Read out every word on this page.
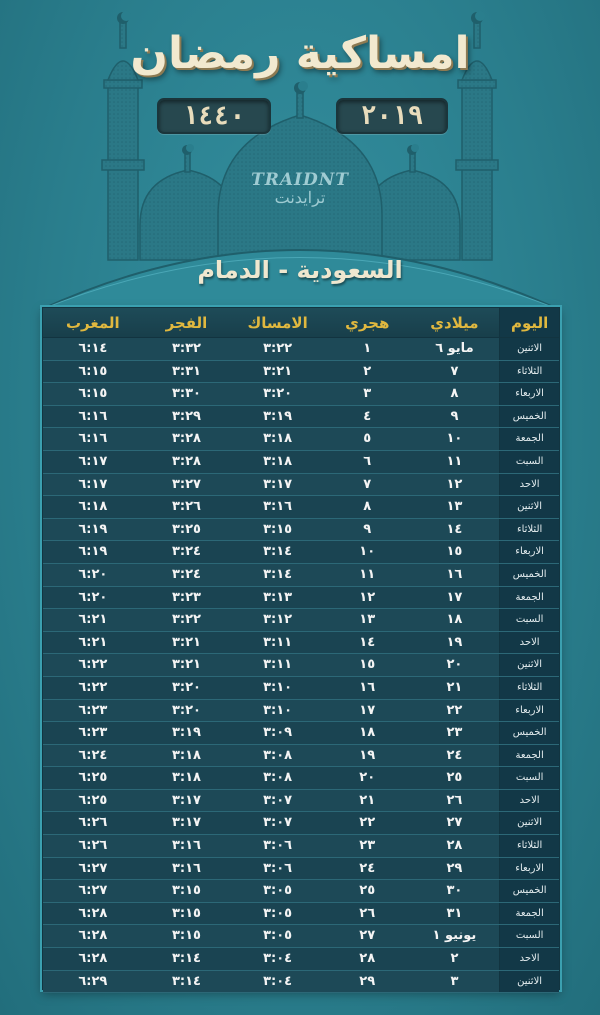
امساكية رمضان
١٤٤٠	٢٠١٩
TRAIDNT
ترايدنت
السعودية - الدمام
اليوم
ميلادي
هجري
الامساك
الفجر
المغرب
الاثنين
مايو ٦
١
٣:٢٢
٣:٣٢
٦:١٤
الثلاثاء
٧
٢
٣:٢١
٣:٣١
٦:١٥
الاربعاء
٨
٣
٣:٢٠
٣:٣٠
٦:١٥
الخميس
٩
٤
٣:١٩
٣:٢٩
٦:١٦
الجمعة
١٠
٥
٣:١٨
٣:٢٨
٦:١٦
السبت
١١
٦
٣:١٨
٣:٢٨
٦:١٧
الاحد
١٢
٧
٣:١٧
٣:٢٧
٦:١٧
الاثنين
١٣
٨
٣:١٦
٣:٢٦
٦:١٨
الثلاثاء
١٤
٩
٣:١٥
٣:٢٥
٦:١٩
الاربعاء
١٥
١٠
٣:١٤
٣:٢٤
٦:١٩
الخميس
١٦
١١
٣:١٤
٣:٢٤
٦:٢٠
الجمعة
١٧
١٢
٣:١٣
٣:٢٣
٦:٢٠
السبت
١٨
١٣
٣:١٢
٣:٢٢
٦:٢١
الاحد
١٩
١٤
٣:١١
٣:٢١
٦:٢١
الاثنين
٢٠
١٥
٣:١١
٣:٢١
٦:٢٢
الثلاثاء
٢١
١٦
٣:١٠
٣:٢٠
٦:٢٢
الاربعاء
٢٢
١٧
٣:١٠
٣:٢٠
٦:٢٣
الخميس
٢٣
١٨
٣:٠٩
٣:١٩
٦:٢٣
الجمعة
٢٤
١٩
٣:٠٨
٣:١٨
٦:٢٤
السبت
٢٥
٢٠
٣:٠٨
٣:١٨
٦:٢٥
الاحد
٢٦
٢١
٣:٠٧
٣:١٧
٦:٢٥
الاثنين
٢٧
٢٢
٣:٠٧
٣:١٧
٦:٢٦
الثلاثاء
٢٨
٢٣
٣:٠٦
٣:١٦
٦:٢٦
الاربعاء
٢٩
٢٤
٣:٠٦
٣:١٦
٦:٢٧
الخميس
٣٠
٢٥
٣:٠٥
٣:١٥
٦:٢٧
الجمعة
٣١
٢٦
٣:٠٥
٣:١٥
٦:٢٨
السبت
يونيو ١
٢٧
٣:٠٥
٣:١٥
٦:٢٨
الاحد
٢
٢٨
٣:٠٤
٣:١٤
٦:٢٨
الاثنين
٣
٢٩
٣:٠٤
٣:١٤
٦:٢٩
